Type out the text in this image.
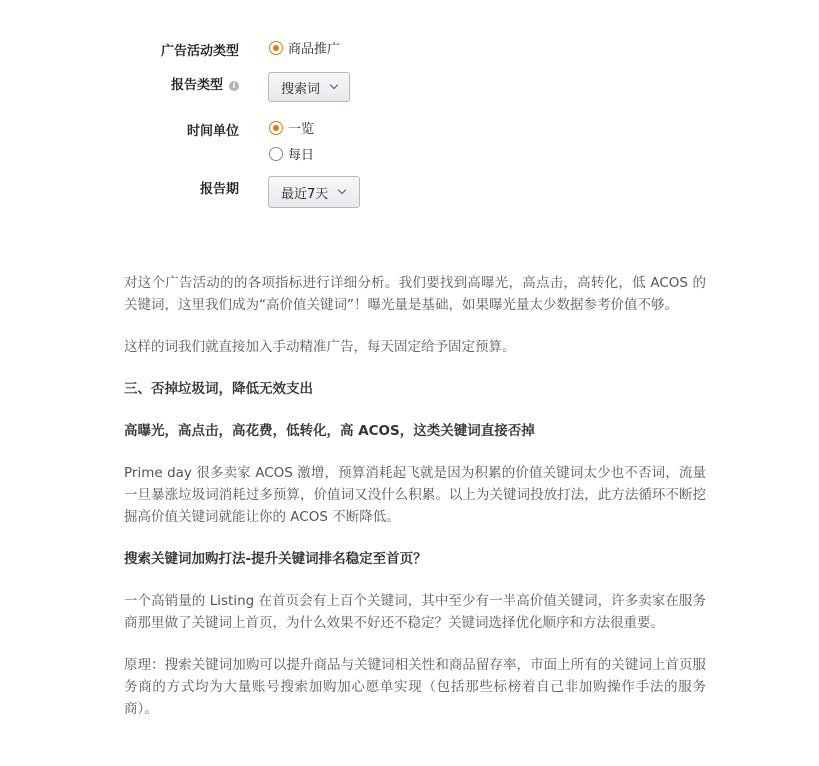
广告活动类型	商品推广
报告类型 i	搜索词
时间单位	一览
每日
报告期	最近7天

对这个广告活动的的各项指标进行详细分析。我们要找到高曝光，高点击，高转化，低 ACOS 的关键词，这里我们成为“高价值关键词”！曝光量是基础，如果曝光量太少数据参考价值不够。

这样的词我们就直接加入手动精准广告，每天固定给予固定预算。

三、否掉垃圾词，降低无效支出

高曝光，高点击，高花费，低转化，高 ACOS，这类关键词直接否掉

Prime day 很多卖家 ACOS 激增，预算消耗起飞就是因为积累的价值关键词太少也不否词，流量一旦暴涨垃圾词消耗过多预算，价值词又没什么积累。以上为关键词投放打法，此方法循环不断挖掘高价值关键词就能让你的 ACOS 不断降低。

搜索关键词加购打法-提升关键词排名稳定至首页？

一个高销量的 Listing 在首页会有上百个关键词，其中至少有一半高价值关键词，许多卖家在服务商那里做了关键词上首页，为什么效果不好还不稳定？关键词选择优化顺序和方法很重要。

原理：搜索关键词加购可以提升商品与关键词相关性和商品留存率，市面上所有的关键词上首页服务商的方式均为大量账号搜索加购加心愿单实现（包括那些标榜着自己非加购操作手法的服务商）。
